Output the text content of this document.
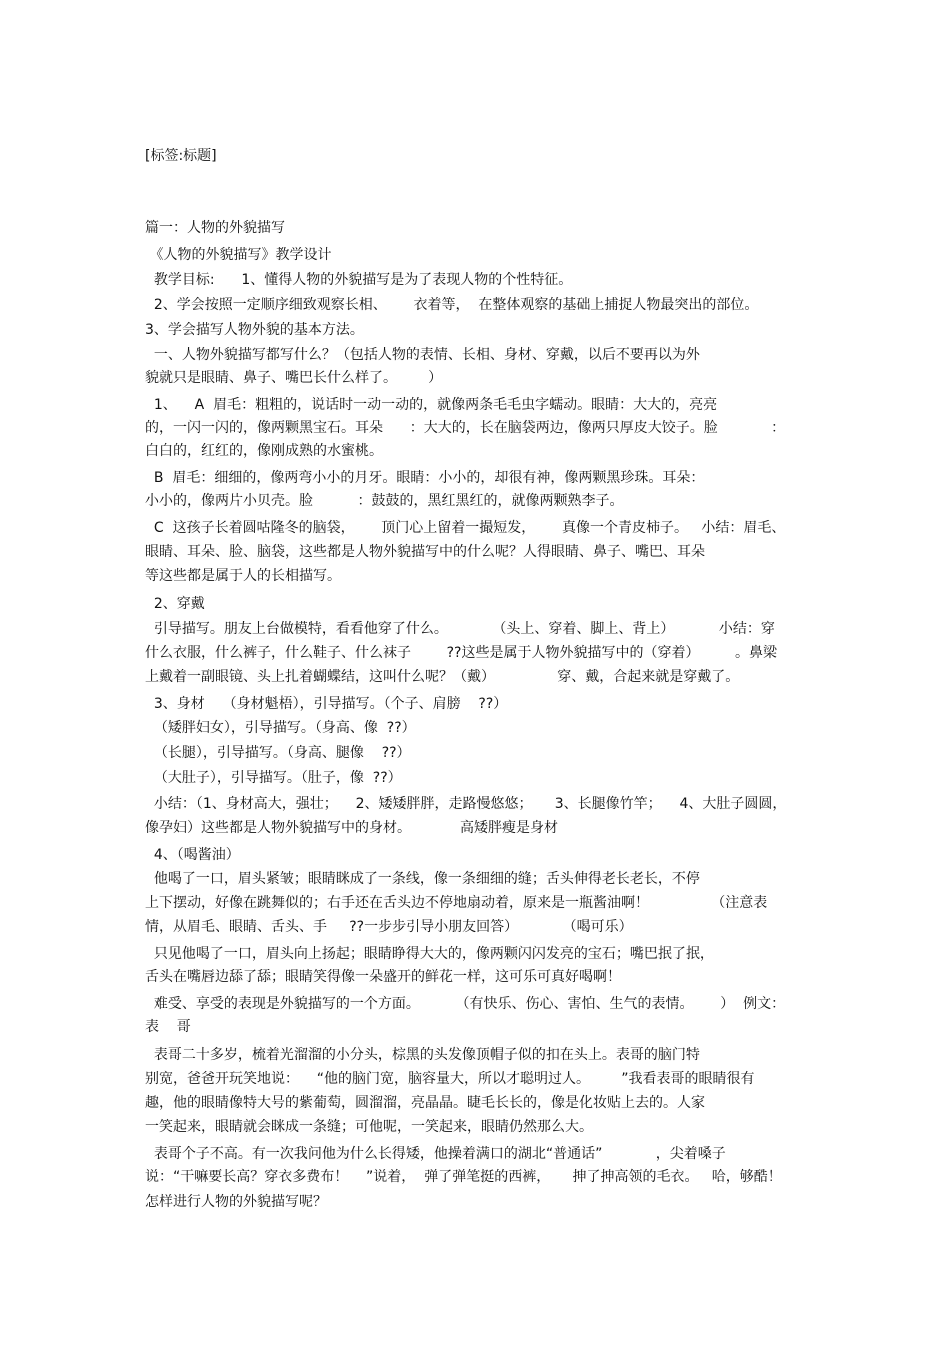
[标签:标题]
篇一：人物的外貌描写
《人物的外貌描写》教学设计
教学目标:      1、懂得人物的外貌描写是为了表现人物的个性特征。
2、学会按照一定顺序细致观察长相、      衣着等，  在整体观察的基础上捕捉人物最突出的部位。
3、学会描写人物外貌的基本方法。
一、人物外貌描写都写什么？（包括人物的表情、长相、身材、穿戴，以后不要再以为外
貌就只是眼睛、鼻子、嘴巴长什么样了。       ）
1、    A  眉毛：粗粗的，说话时一动一动的，就像两条毛毛虫字蠕动。眼睛：大大的，亮亮
的，一闪一闪的，像两颗黑宝石。耳朵      ：大大的，长在脑袋两边，像两只厚皮大饺子。脸            ：
白白的，红红的，像刚成熟的水蜜桃。
B  眉毛：细细的，像两弯小小的月牙。眼睛：小小的，却很有神，像两颗黑珍珠。耳朵：
小小的，像两片小贝壳。脸          ：鼓鼓的，黑红黑红的，就像两颗熟李子。
C  这孩子长着圆咕隆冬的脑袋，      顶门心上留着一撮短发，      真像一个青皮柿子。   小结：眉毛、
眼睛、耳朵、脸、脑袋，这些都是人物外貌描写中的什么呢？人得眼睛、鼻子、嘴巴、耳朵
等这些都是属于人的长相描写。
2、穿戴
引导描写。朋友上台做模特，看看他穿了什么。          （头上、穿着、脚上、背上）          小结：穿
什么衣服，什么裤子，什么鞋子、什么袜子        ??这些是属于人物外貌描写中的（穿着）        。鼻梁
上戴着一副眼镜、头上扎着蝴蝶结，这叫什么呢？（戴）              穿、戴，合起来就是穿戴了。
3、身材    （身材魁梧），引导描写。（个子、肩膀    ??）
（矮胖妇女），引导描写。（身高、像  ??）
（长腿），引导描写。（身高、腿像    ??）
（大肚子），引导描写。（肚子，像  ??）
小结：（1、身材高大，强壮；    2、矮矮胖胖，走路慢悠悠；     3、长腿像竹竿；    4、大肚子圆圆，
像孕妇）这些都是人物外貌描写中的身材。           高矮胖瘦是身材
4、（喝酱油）
他喝了一口，眉头紧皱；眼睛眯成了一条线，像一条细细的缝；舌头伸得老长老长，不停
上下摆动，好像在跳舞似的；右手还在舌头边不停地扇动着，原来是一瓶酱油啊！              （注意表
情，从眉毛、眼睛、舌头、手     ??一步步引导小朋友回答）          （喝可乐）
只见他喝了一口，眉头向上扬起；眼睛睁得大大的，像两颗闪闪发亮的宝石；嘴巴抿了抿，
舌头在嘴唇边舔了舔；眼睛笑得像一朵盛开的鲜花一样，这可乐可真好喝啊！
难受、享受的表现是外貌描写的一个方面。        （有快乐、伤心、害怕、生气的表情。      ）  例文：
表    哥
表哥二十多岁，梳着光溜溜的小分头，棕黑的头发像顶帽子似的扣在头上。表哥的脑门特
别宽，爸爸开玩笑地说：    “他的脑门宽，脑容量大，所以才聪明过人。       ”我看表哥的眼睛很有
趣，他的眼睛像特大号的紫葡萄，圆溜溜，亮晶晶。睫毛长长的，像是化妆贴上去的。人家
一笑起来，眼睛就会眯成一条缝；可他呢，一笑起来，眼睛仍然那么大。
表哥个子不高。有一次我问他为什么长得矮，他操着满口的湖北“普通话”            ，尖着嗓子
说：“干嘛要长高？穿衣多费布！    ”说着，  弹了弹笔挺的西裤，     抻了抻高领的毛衣。   哈，够酷！
怎样进行人物的外貌描写呢？
